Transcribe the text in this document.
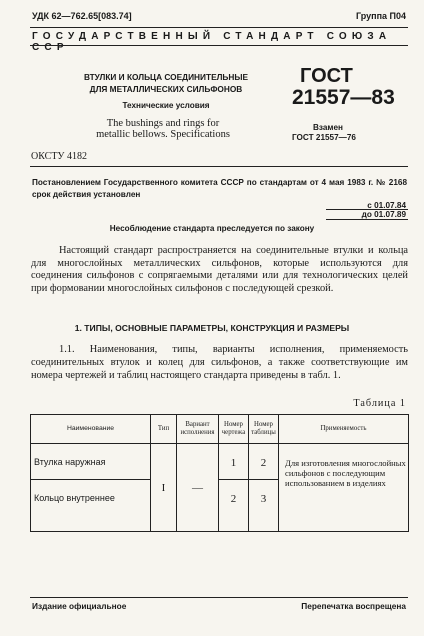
УДК 62—762.65[083.74]	Группа П04
ГОСУДАРСТВЕННЫЙ СТАНДАРТ СОЮЗА ССР
ВТУЛКИ И КОЛЬЦА СОЕДИНИТЕЛЬНЫЕ
ДЛЯ МЕТАЛЛИЧЕСКИХ СИЛЬФОНОВ
Технические условия
The bushings and rings for
metallic bellows. Specifications
ГОСТ
21557—83
Взамен
ГОСТ 21557—76
ОКСТУ 4182
Постановлением Государственного комитета СССР по стандартам от 4 мая 1983 г. № 2168 срок действия установлен
с 01.07.84
до 01.07.89
Несоблюдение стандарта преследуется по закону
Настоящий стандарт распространяется на соединительные втулки и кольца для многослойных металлических сильфонов, которые используются для соединения сильфонов с сопрягаемыми деталями или для технологических целей при формовании многослойных сильфонов с последующей срезкой.
1. ТИПЫ, ОСНОВНЫЕ ПАРАМЕТРЫ, КОНСТРУКЦИЯ И РАЗМЕРЫ
1.1. Наименования, типы, варианты исполнения, применяемость соединительных втулок и колец для сильфонов, а также соответствующие им номера чертежей и таблиц настоящего стандарта приведены в табл. 1.
Таблица 1
Наименование	Тип	Вариант исполнения	Номер чертежа	Номер таблицы	Применяемость
Втулка наружная	I	—	1	2	Для изготовления многослойных сильфонов с последующим использованием в изделиях
Кольцо внутреннее			2	3	
Издание официальное	Перепечатка воспрещена
